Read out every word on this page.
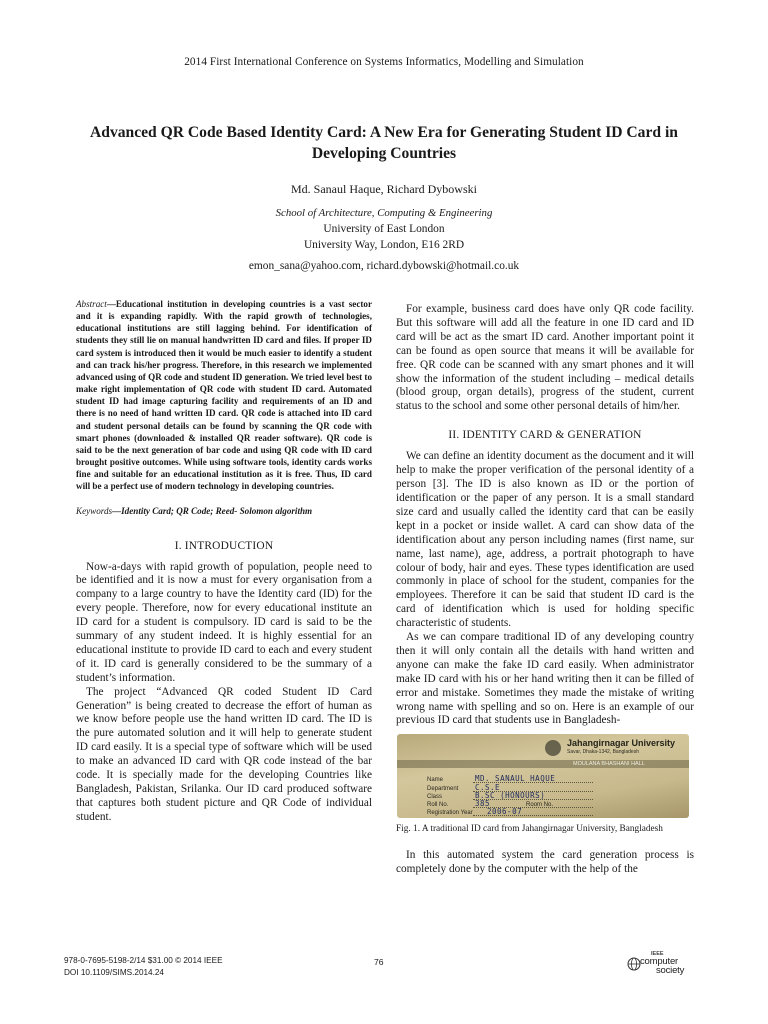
2014 First International Conference on Systems Informatics, Modelling and Simulation
Advanced QR Code Based Identity Card: A New Era for Generating Student ID Card in Developing Countries
Md. Sanaul Haque, Richard Dybowski
School of Architecture, Computing & Engineering
University of East London
University Way, London, E16 2RD
emon_sana@yahoo.com, richard.dybowski@hotmail.co.uk

Abstract—Educational institution in developing countries is a vast sector and it is expanding rapidly. With the rapid growth of technologies, educational institutions are still lagging behind. For identification of students they still lie on manual handwritten ID card and files. If proper ID card system is introduced then it would be much easier to identify a student and can track his/her progress. Therefore, in this research we implemented advanced using of QR code and student ID generation. We tried level best to make right implementation of QR code with student ID card. Automated student ID had image capturing facility and requirements of an ID and there is no need of hand written ID card. QR code is attached into ID card and student personal details can be found by scanning the QR code with smart phones (downloaded & installed QR reader software). QR code is said to be the next generation of bar code and using QR code with ID card brought positive outcomes. While using software tools, identity cards works fine and suitable for an educational institution as it is free. Thus, ID card will be a perfect use of modern technology in developing countries.

Keywords—Identity Card; QR Code; Reed- Solomon algorithm

I. INTRODUCTION

Now-a-days with rapid growth of population, people need to be identified and it is now a must for every organisation from a company to a large country to have the Identity card (ID) for the every people. Therefore, now for every educational institute an ID card for a student is compulsory. ID card is said to be the summary of any student indeed. It is highly essential for an educational institute to provide ID card to each and every student of it. ID card is generally considered to be the summary of a student’s information.

The project “Advanced QR coded Student ID Card Generation” is being created to decrease the effort of human as we know before people use the hand written ID card. The ID is the pure automated solution and it will help to generate student ID card easily. It is a special type of software which will be used to make an advanced ID card with QR code instead of the bar code. It is specially made for the developing Countries like Bangladesh, Pakistan, Srilanka. Our ID card produced software that captures both student picture and QR Code of individual student.

For example, business card does have only QR code facility. But this software will add all the feature in one ID card and ID card will be act as the smart ID card. Another important point it can be found as open source that means it will be available for free. QR code can be scanned with any smart phones and it will show the information of the student including – medical details (blood group, organ details), progress of the student, current status to the school and some other personal details of him/her.

II. IDENTITY CARD & GENERATION

We can define an identity document as the document and it will help to make the proper verification of the personal identity of a person [3]. The ID is also known as ID or the portion of identification or the paper of any person. It is a small standard size card and usually called the identity card that can be easily kept in a pocket or inside wallet. A card can show data of the identification about any person including names (first name, sur name, last name), age, address, a portrait photograph to have colour of body, hair and eyes. These types identification are used commonly in place of school for the student, companies for the employees. Therefore it can be said that student ID card is the card of identification which is used for holding specific characteristic of students.

As we can compare traditional ID of any developing country then it will only contain all the details with hand written and anyone can make the fake ID card easily. When administrator make ID card with his or her hand writing then it can be filled of error and mistake. Sometimes they made the mistake of writing wrong name with spelling and so on. Here is an example of our previous ID card that students use in Bangladesh-

Jahangirnagar University
Savar, Dhaka-1342, Bangladesh
MOULANA BHASHANI HALL
Name	MD. SANAUL HAQUE
Department C.S.E
Class	B.SC (HONOURS)
Roll No.	385	Room No.
Registration Year 2006-07

Fig. 1. A traditional ID card from Jahangirnagar University, Bangladesh

In this automated system the card generation process is completely done by the computer with the help of the

978-0-7695-5198-2/14 $31.00 © 2014 IEEE
DOI 10.1109/SIMS.2014.24
76
IEEE
computer
society
